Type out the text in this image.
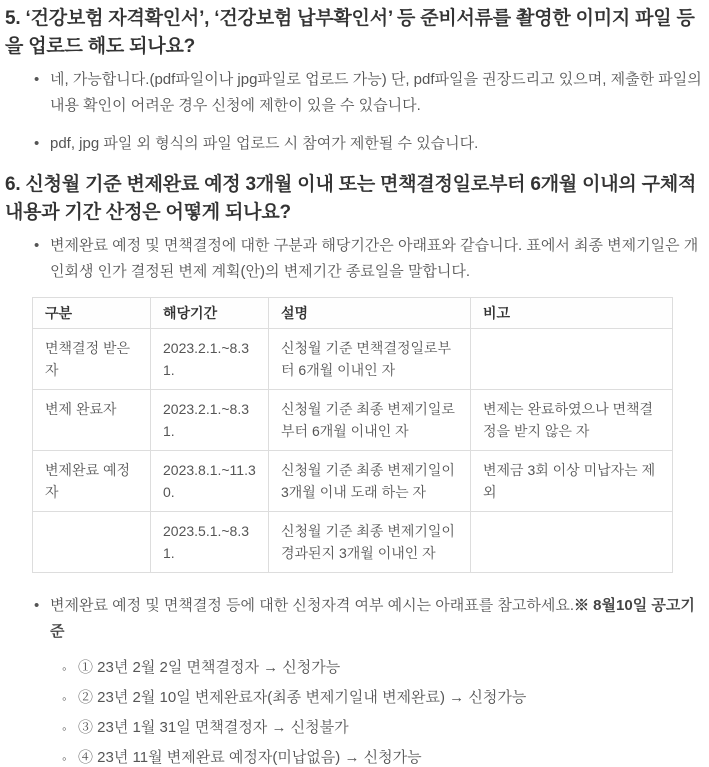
5. ‘건강보험 자격확인서’, ‘건강보험 납부확인서’ 등 준비서류를 촬영한 이미지 파일 등을 업로드 해도 되나요?
• 네, 가능합니다.(pdf파일이나 jpg파일로 업로드 가능) 단, pdf파일을 권장드리고 있으며, 제출한 파일의 내용 확인이 어려운 경우 신청에 제한이 있을 수 있습니다.
• pdf, jpg 파일 외 형식의 파일 업로드 시 참여가 제한될 수 있습니다.
6. 신청월 기준 변제완료 예정 3개월 이내 또는 면책결정일로부터 6개월 이내의 구체적 내용과 기간 산정은 어떻게 되나요?
• 변제완료 예정 및 면책결정에 대한 구분과 해당기간은 아래표와 같습니다. 표에서 최종 변제기일은 개인회생 인가 결정된 변제 계획(안)의 변제기간 종료일을 말합니다.
구분	해당기간	설명	비고
면책결정 받은 자	2023.2.1.~8.31.	신청월 기준 면책결정일로부터 6개월 이내인 자	
변제 완료자	2023.2.1.~8.31.	신청월 기준 최종 변제기일로부터 6개월 이내인 자	변제는 완료하였으나 면책결정을 받지 않은 자
변제완료 예정자	2023.8.1.~11.30.	신청월 기준 최종 변제기일이 3개월 이내 도래 하는 자	변제금 3회 이상 미납자는 제외
	2023.5.1.~8.31.	신청월 기준 최종 변제기일이 경과된지 3개월 이내인 자	
• 변제완료 예정 및 면책결정 등에 대한 신청자격 여부 예시는 아래표를 참고하세요.※ 8월10일 공고기준
◦ ① 23년 2월 2일 면책결정자 → 신청가능
◦ ② 23년 2월 10일 변제완료자(최종 변제기일내 변제완료) → 신청가능
◦ ③ 23년 1월 31일 면책결정자 → 신청불가
◦ ④ 23년 11월 변제완료 예정자(미납없음) → 신청가능
